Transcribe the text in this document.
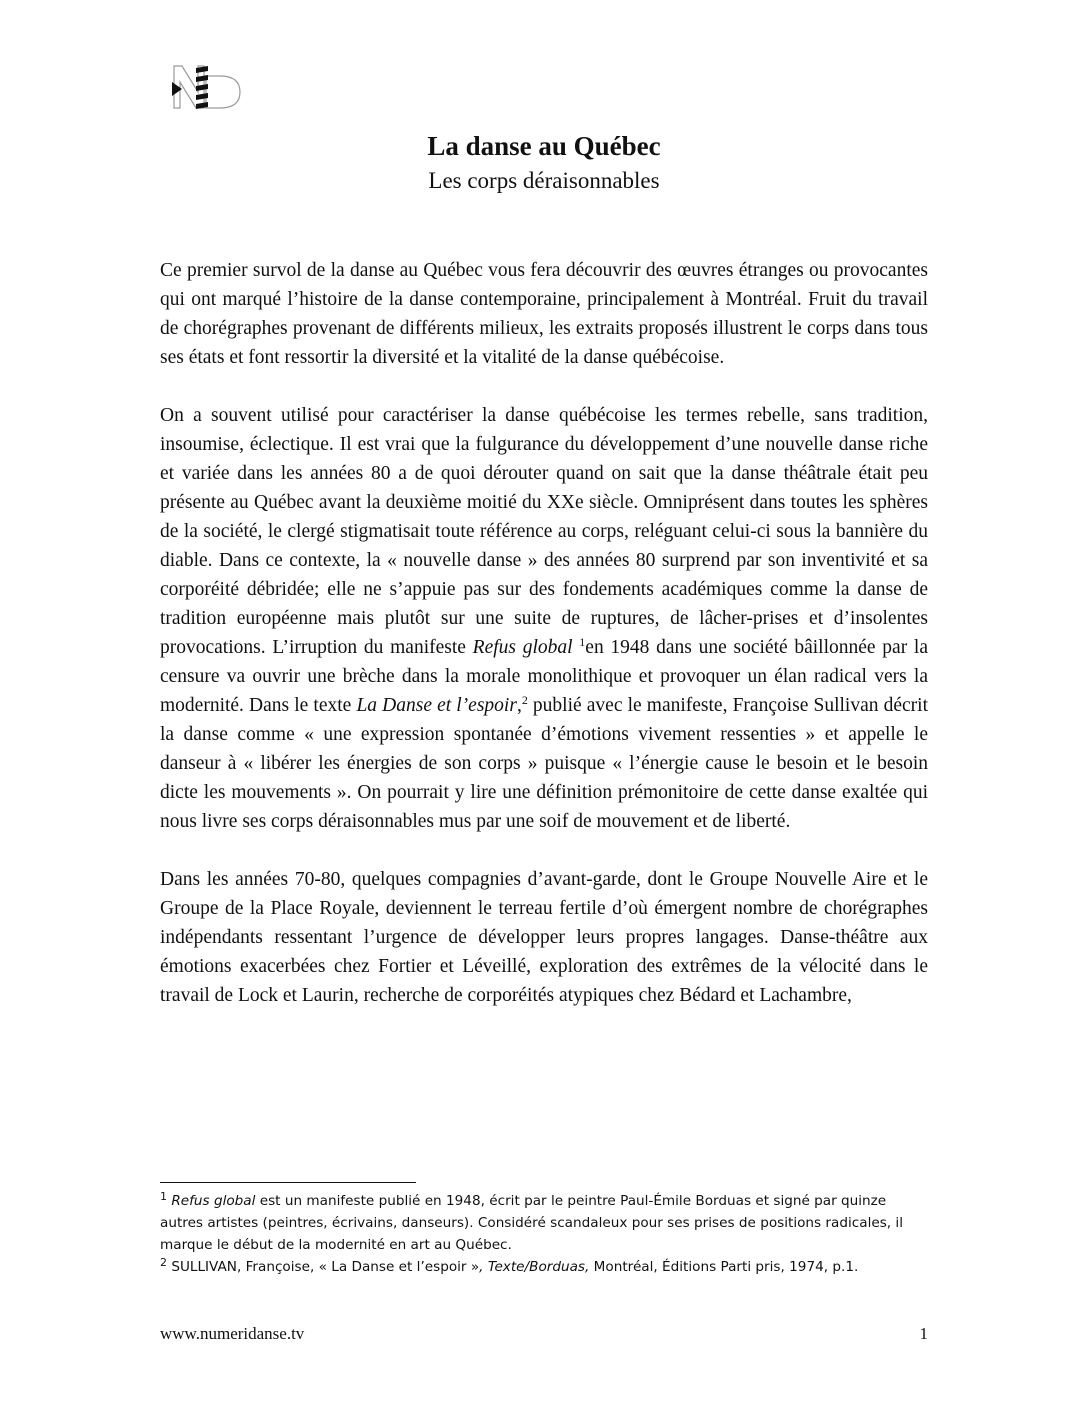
La danse au Québec
Les corps déraisonnables

Ce premier survol de la danse au Québec vous fera découvrir des œuvres étranges ou provocantes qui ont marqué l’histoire de la danse contemporaine, principalement à Montréal. Fruit du travail de chorégraphes provenant de différents milieux, les extraits proposés illustrent le corps dans tous ses états et font ressortir la diversité et la vitalité de la danse québécoise.

On a souvent utilisé pour caractériser la danse québécoise les termes rebelle, sans tradition, insoumise, éclectique. Il est vrai que la fulgurance du développement d’une nouvelle danse riche et variée dans les années 80 a de quoi dérouter quand on sait que la danse théâtrale était peu présente au Québec avant la deuxième moitié du XXe siècle. Omniprésent dans toutes les sphères de la société, le clergé stigmatisait toute référence au corps, reléguant celui-ci sous la bannière du diable. Dans ce contexte, la « nouvelle danse » des années 80 surprend par son inventivité et sa corporéité débridée; elle ne s’appuie pas sur des fondements académiques comme la danse de tradition européenne mais plutôt sur une suite de ruptures, de lâcher-prises et d’insolentes provocations. L’irruption du manifeste Refus global $^1$en 1948 dans une société bâillonnée par la censure va ouvrir une brèche dans la morale monolithique et provoquer un élan radical vers la modernité. Dans le texte La Danse et l’espoir,$^2$ publié avec le manifeste, Françoise Sullivan décrit la danse comme « une expression spontanée d’émotions vivement ressenties » et appelle le danseur à « libérer les énergies de son corps » puisque « l’énergie cause le besoin et le besoin dicte les mouvements ». On pourrait y lire une définition prémonitoire de cette danse exaltée qui nous livre ses corps déraisonnables mus par une soif de mouvement et de liberté.

Dans les années 70-80, quelques compagnies d’avant-garde, dont le Groupe Nouvelle Aire et le Groupe de la Place Royale, deviennent le terreau fertile d’où émergent nombre de chorégraphes indépendants ressentant l’urgence de développer leurs propres langages. Danse-théâtre aux émotions exacerbées chez Fortier et Léveillé, exploration des extrêmes de la vélocité dans le travail de Lock et Laurin, recherche de corporéités atypiques chez Bédard et Lachambre,

$^1$ Refus global est un manifeste publié en 1948, écrit par le peintre Paul-Émile Borduas et signé par quinze autres artistes (peintres, écrivains, danseurs). Considéré scandaleux pour ses prises de positions radicales, il marque le début de la modernité en art au Québec.

$^2$ SULLIVAN, Françoise, « La Danse et l’espoir », Texte/Borduas, Montréal, Éditions Parti pris, 1974, p.1.

www.numeridanse.tv	1
